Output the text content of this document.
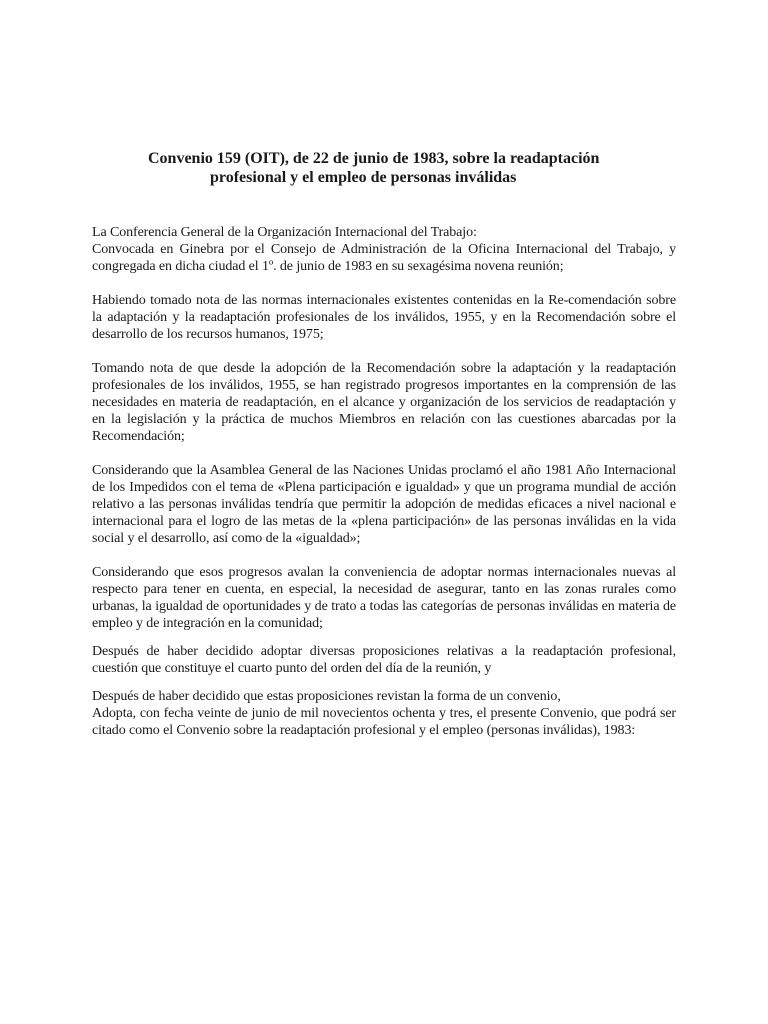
Convenio 159 (OIT), de 22 de junio de 1983, sobre la readaptación
profesional y el empleo de personas inválidas

La Conferencia General de la Organización Internacional del Trabajo:

Convocada en Ginebra por el Consejo de Administración de la Oficina Internacional del Trabajo, y congregada en dicha ciudad el 1º. de junio de 1983 en su sexagésima novena reunión;

Habiendo tomado nota de las normas internacionales existentes contenidas en la Re-comendación sobre la adaptación y la readaptación profesionales de los inválidos, 1955, y en la Recomendación sobre el desarrollo de los recursos humanos, 1975;

Tomando nota de que desde la adopción de la Recomendación sobre la adaptación y la readaptación profesionales de los inválidos, 1955, se han registrado progresos importantes en la comprensión de las necesidades en materia de readaptación, en el alcance y organización de los servicios de readaptación y en la legislación y la práctica de muchos Miembros en relación con las cuestiones abarcadas por la Recomendación;

Considerando que la Asamblea General de las Naciones Unidas proclamó el año 1981 Año Internacional de los Impedidos con el tema de «Plena participación e igualdad» y que un programa mundial de acción relativo a las personas inválidas tendría que permitir la adopción de medidas eficaces a nivel nacional e internacional para el logro de las metas de la «plena participación» de las personas inválidas en la vida social y el desarrollo, así como de la «igualdad»;

Considerando que esos progresos avalan la conveniencia de adoptar normas internacionales nuevas al respecto para tener en cuenta, en especial, la necesidad de asegurar, tanto en las zonas rurales como urbanas, la igualdad de oportunidades y de trato a todas las categorías de personas inválidas en materia de empleo y de integración en la comunidad;

Después de haber decidido adoptar diversas proposiciones relativas a la readaptación profesional, cuestión que constituye el cuarto punto del orden del día de la reunión, y

Después de haber decidido que estas proposiciones revistan la forma de un convenio,

Adopta, con fecha veinte de junio de mil novecientos ochenta y tres, el presente Convenio, que podrá ser citado como el Convenio sobre la readaptación profesional y el empleo (personas inválidas), 1983:
